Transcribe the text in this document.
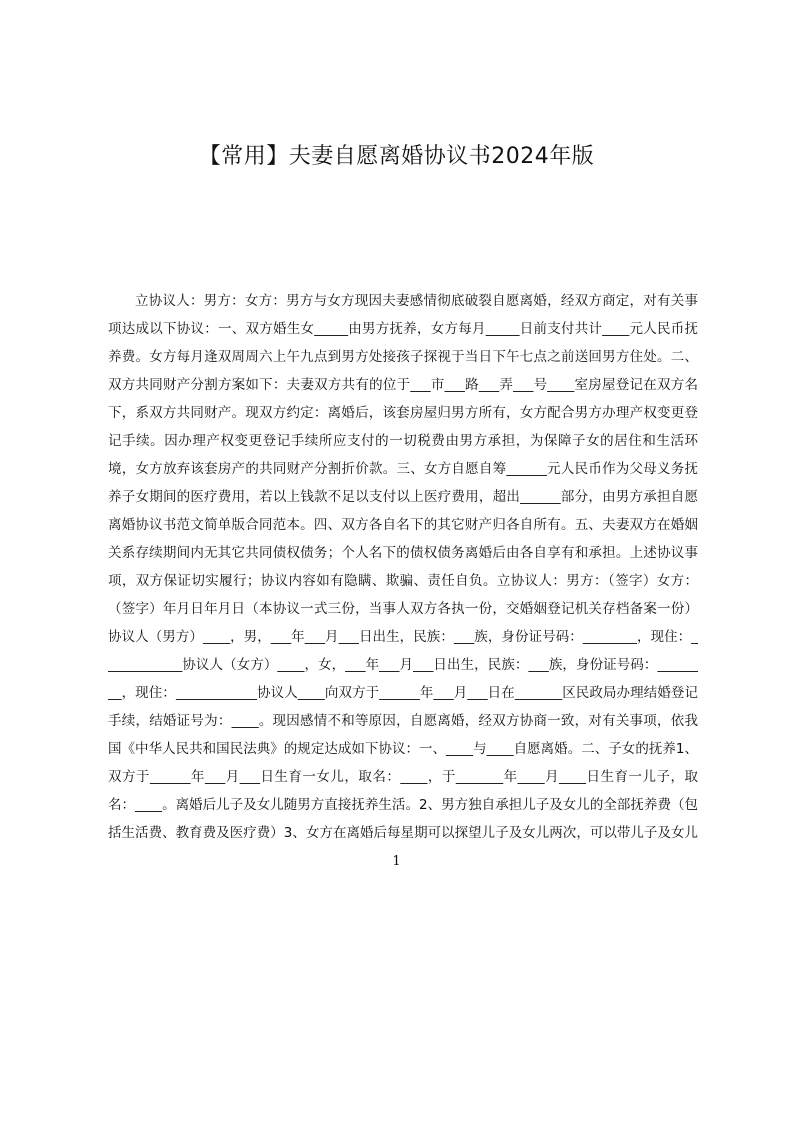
【常用】夫妻自愿离婚协议书2024年版
立协议人：男方：女方：男方与女方现因夫妻感情彻底破裂自愿离婚，经双方商定，对有关事项达成以下协议：一、双方婚生女_____由男方抚养，女方每月_____日前支付共计____元人民币抚养费。女方每月逢双周周六上午九点到男方处接孩子探视于当日下午七点之前送回男方住处。二、双方共同财产分割方案如下：夫妻双方共有的位于___市___路___弄___号____室房屋登记在双方名下，系双方共同财产。现双方约定：离婚后，该套房屋归男方所有，女方配合男方办理产权变更登记手续。因办理产权变更登记手续所应支付的一切税费由男方承担，为保障子女的居住和生活环境，女方放弃该套房产的共同财产分割折价款。三、女方自愿自筹______元人民币作为父母义务抚养子女期间的医疗费用，若以上钱款不足以支付以上医疗费用，超出______部分，由男方承担自愿离婚协议书范文简单版合同范本。四、双方各自名下的其它财产归各自所有。五、夫妻双方在婚姻关系存续期间内无其它共同债权债务；个人名下的债权债务离婚后由各自享有和承担。上述协议事项，双方保证切实履行；协议内容如有隐瞒、欺骗、责任自负。立协议人：男方：（签字）女方：（签字）年月日年月日（本协议一式三份，当事人双方各执一份，交婚姻登记机关存档备案一份）协议人（男方）____，男，___年___月___日出生，民族：___族，身份证号码：________，现住：____________协议人（女方）____，女，___年___月___日出生，民族：___族，身份证号码：________，现住：____________协议人____向双方于______年___月___日在_______区民政局办理结婚登记手续，结婚证号为：____。现因感情不和等原因，自愿离婚，经双方协商一致，对有关事项，依我国《中华人民共和国民法典》的规定达成如下协议：一、____与____自愿离婚。二、子女的抚养1、双方于______年___月___日生育一女儿，取名：____，于_______年____月____日生育一儿子，取名：____。离婚后儿子及女儿随男方直接抚养生活。2、男方独自承担儿子及女儿的全部抚养费（包括生活费、教育费及医疗费）3、女方在离婚后每星期可以探望儿子及女儿两次，可以带儿子及女儿
1
